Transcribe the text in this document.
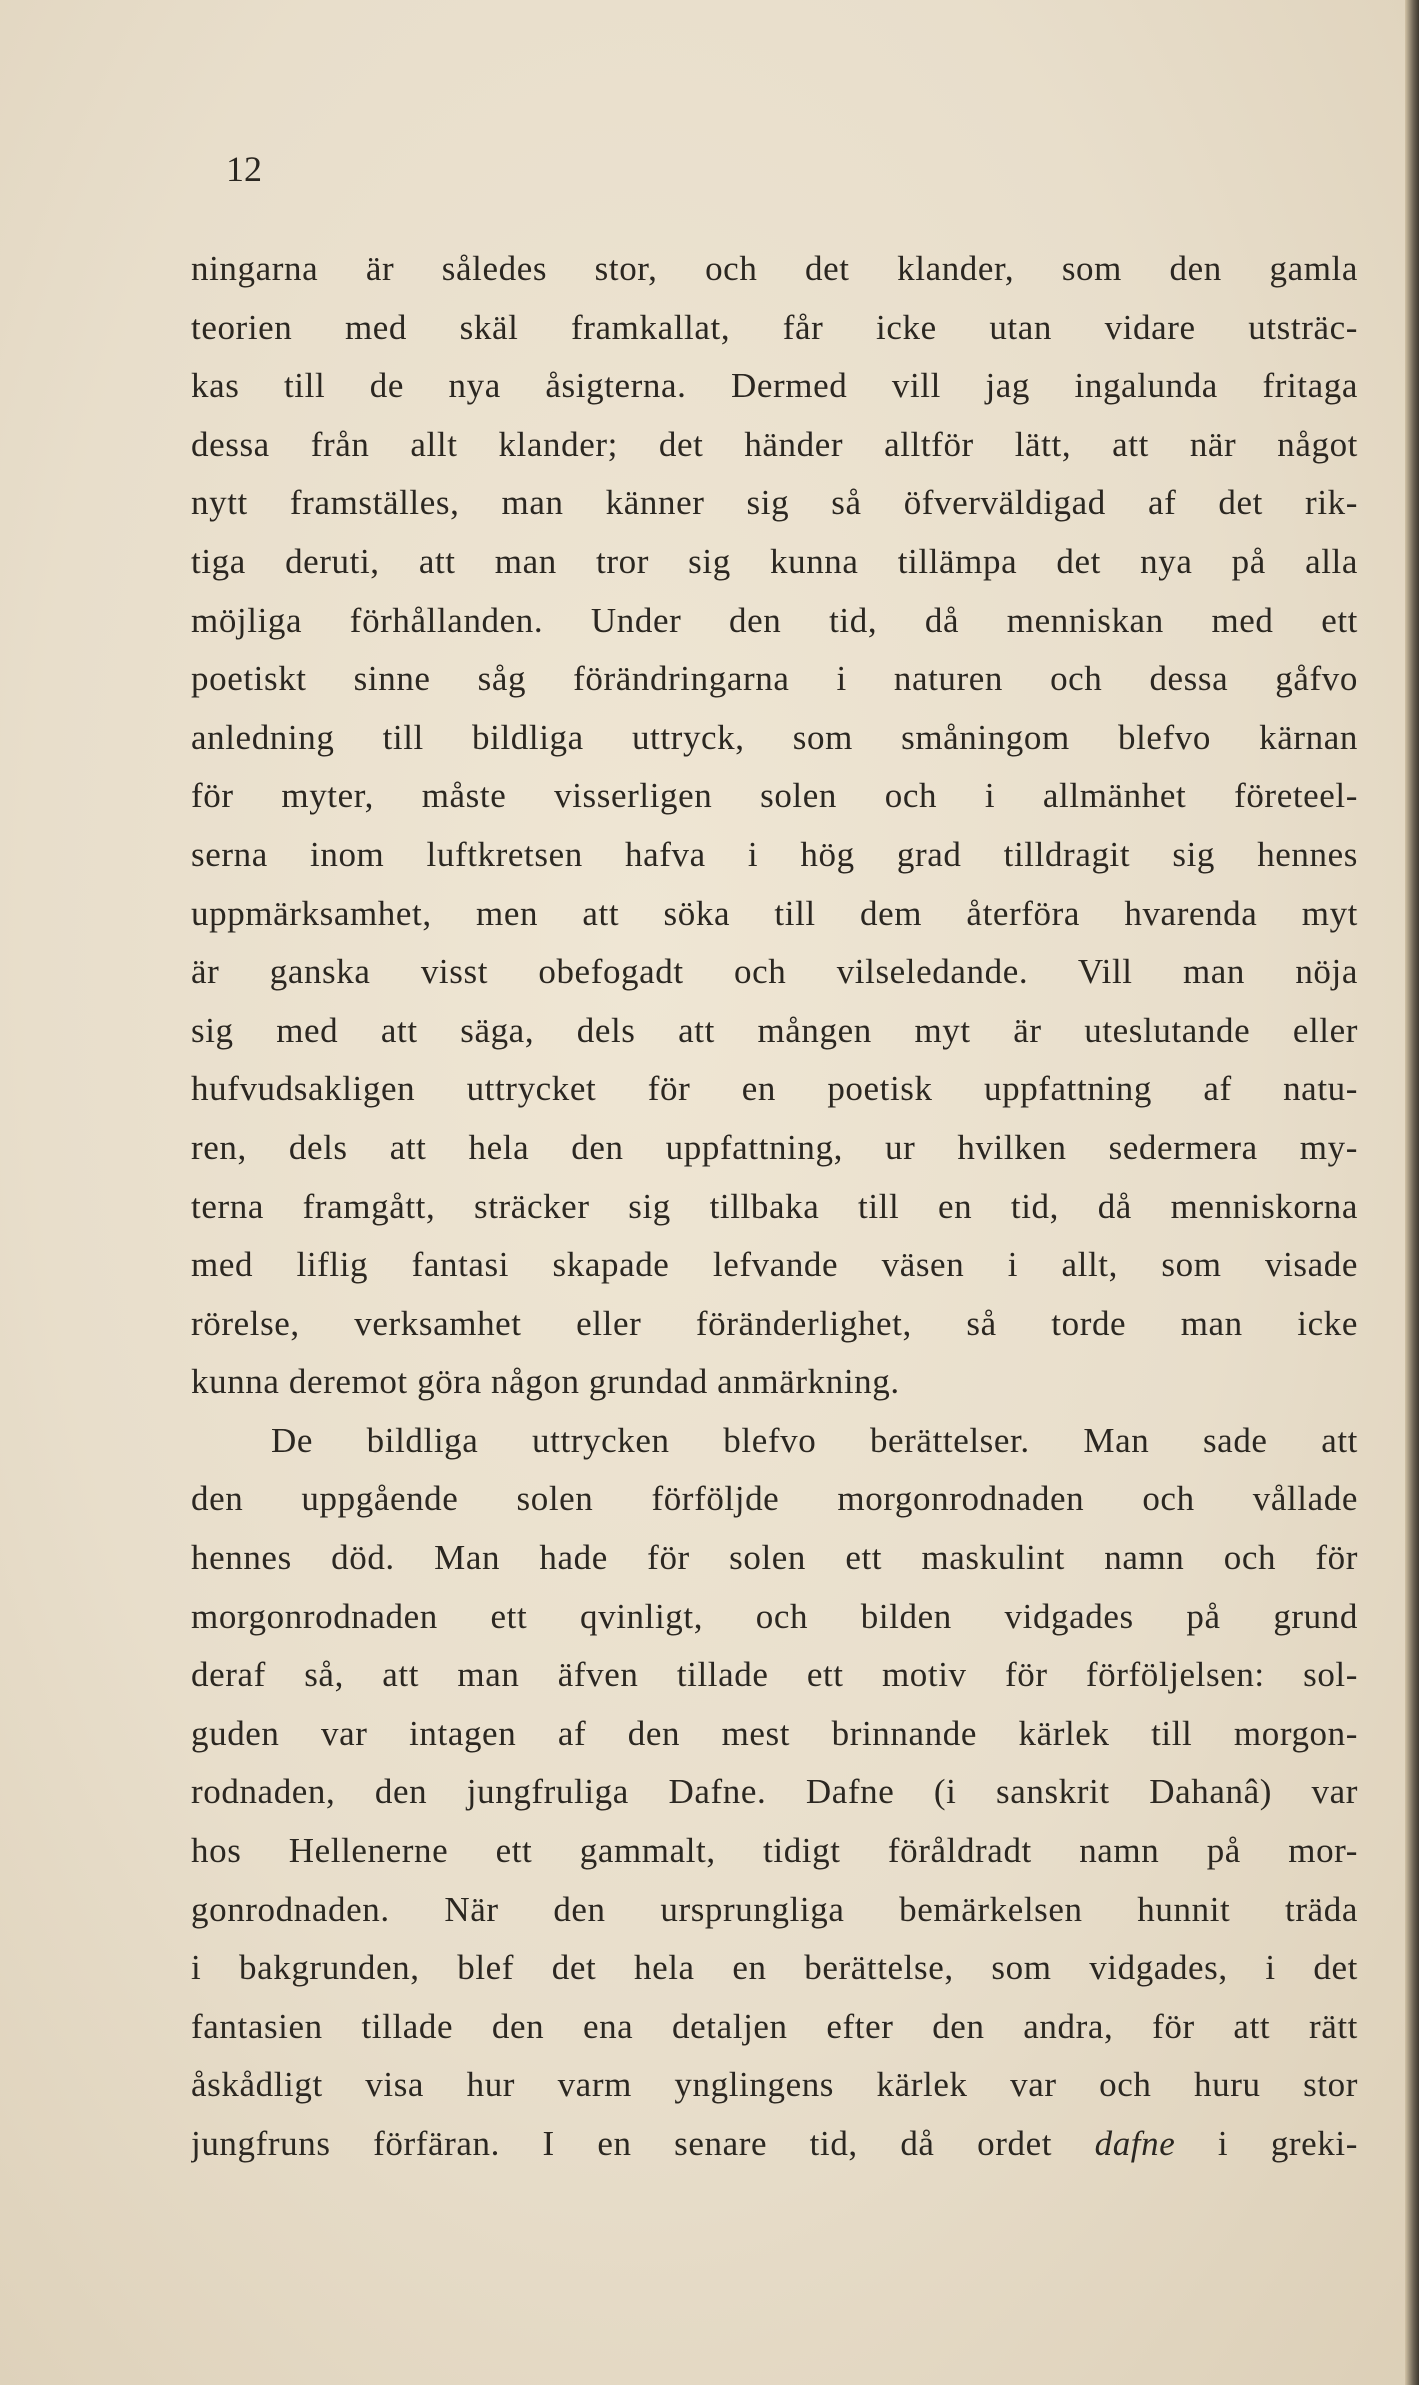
12

ningarna är således stor, och det klander, som den gamla
teorien med skäl framkallat, får icke utan vidare utsträc-
kas till de nya åsigterna. Dermed vill jag ingalunda fritaga
dessa från allt klander; det händer alltför lätt, att när något
nytt framställes, man känner sig så öfverväldigad af det rik-
tiga deruti, att man tror sig kunna tillämpa det nya på alla
möjliga förhållanden. Under den tid, då menniskan med ett
poetiskt sinne såg förändringarna i naturen och dessa gåfvo
anledning till bildliga uttryck, som småningom blefvo kärnan
för myter, måste visserligen solen och i allmänhet företeel-
serna inom luftkretsen hafva i hög grad tilldragit sig hennes
uppmärksamhet, men att söka till dem återföra hvarenda myt
är ganska visst obefogadt och vilseledande. Vill man nöja
sig med att säga, dels att mången myt är uteslutande eller
hufvudsakligen uttrycket för en poetisk uppfattning af natu-
ren, dels att hela den uppfattning, ur hvilken sedermera my-
terna framgått, sträcker sig tillbaka till en tid, då menniskorna
med liflig fantasi skapade lefvande väsen i allt, som visade
rörelse, verksamhet eller föränderlighet, så torde man icke
kunna deremot göra någon grundad anmärkning.
De bildliga uttrycken blefvo berättelser. Man sade att
den uppgående solen förföljde morgonrodnaden och vållade
hennes död. Man hade för solen ett maskulint namn och för
morgonrodnaden ett qvinligt, och bilden vidgades på grund
deraf så, att man äfven tillade ett motiv för förföljelsen: sol-
guden var intagen af den mest brinnande kärlek till morgon-
rodnaden, den jungfruliga Dafne. Dafne (i sanskrit Dahanâ) var
hos Hellenerne ett gammalt, tidigt föråldradt namn på mor-
gonrodnaden. När den ursprungliga bemärkelsen hunnit träda
i bakgrunden, blef det hela en berättelse, som vidgades, i det
fantasien tillade den ena detaljen efter den andra, för att rätt
åskådligt visa hur varm ynglingens kärlek var och huru stor
jungfruns förfäran. I en senare tid, då ordet dafne i greki-
